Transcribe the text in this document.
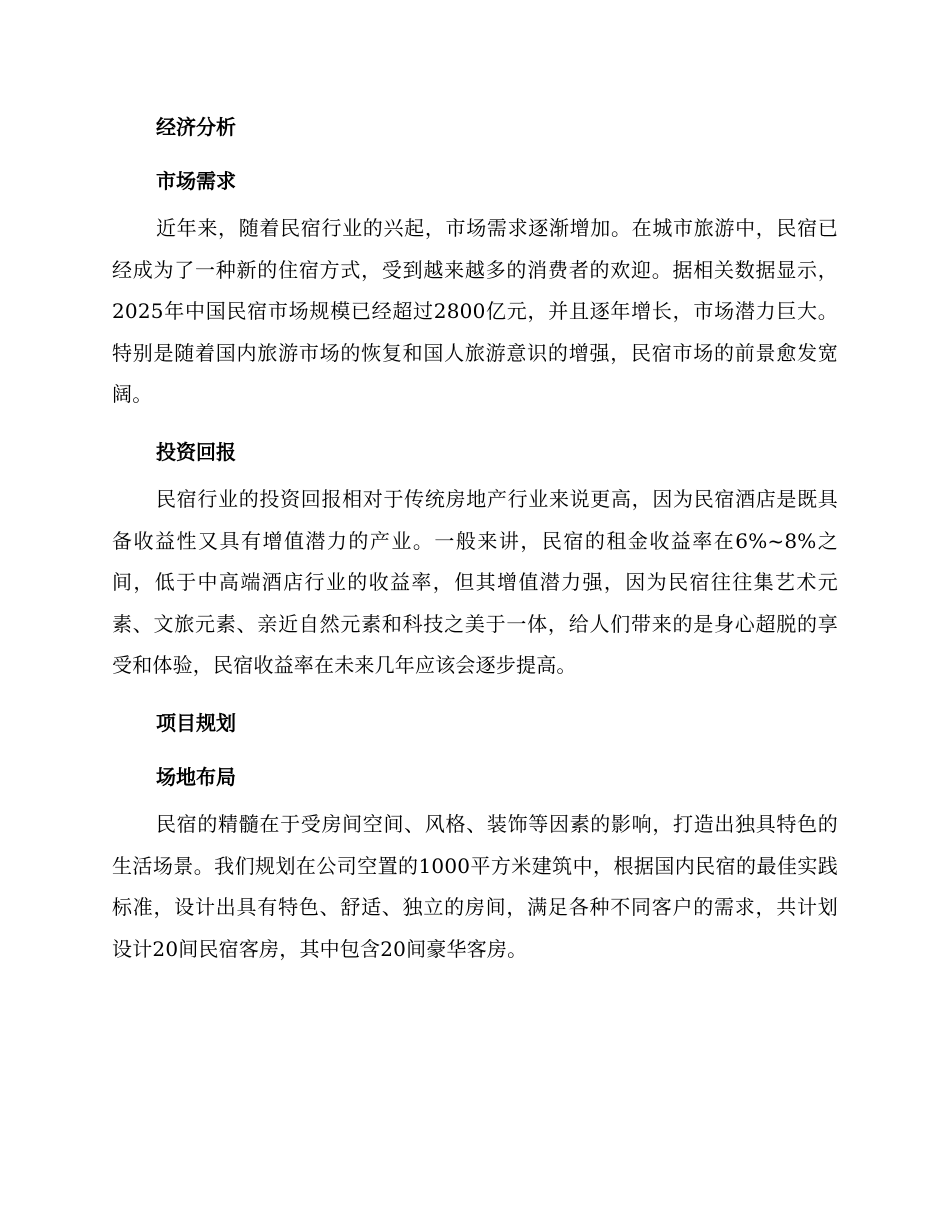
经济分析
市场需求

近年来，随着民宿行业的兴起，市场需求逐渐增加。在城市旅游中，民宿已经成为了一种新的住宿方式，受到越来越多的消费者的欢迎。据相关数据显示，2025年中国民宿市场规模已经超过2800亿元，并且逐年增长，市场潜力巨大。特别是随着国内旅游市场的恢复和国人旅游意识的增强，民宿市场的前景愈发宽阔。

投资回报

民宿行业的投资回报相对于传统房地产行业来说更高，因为民宿酒店是既具备收益性又具有增值潜力的产业。一般来讲，民宿的租金收益率在6%~8%之间，低于中高端酒店行业的收益率，但其增值潜力强，因为民宿往往集艺术元素、文旅元素、亲近自然元素和科技之美于一体，给人们带来的是身心超脱的享受和体验，民宿收益率在未来几年应该会逐步提高。

项目规划
场地布局

民宿的精髓在于受房间空间、风格、装饰等因素的影响，打造出独具特色的生活场景。我们规划在公司空置的1000平方米建筑中，根据国内民宿的最佳实践标准，设计出具有特色、舒适、独立的房间，满足各种不同客户的需求，共计划设计20间民宿客房，其中包含20间豪华客房。
